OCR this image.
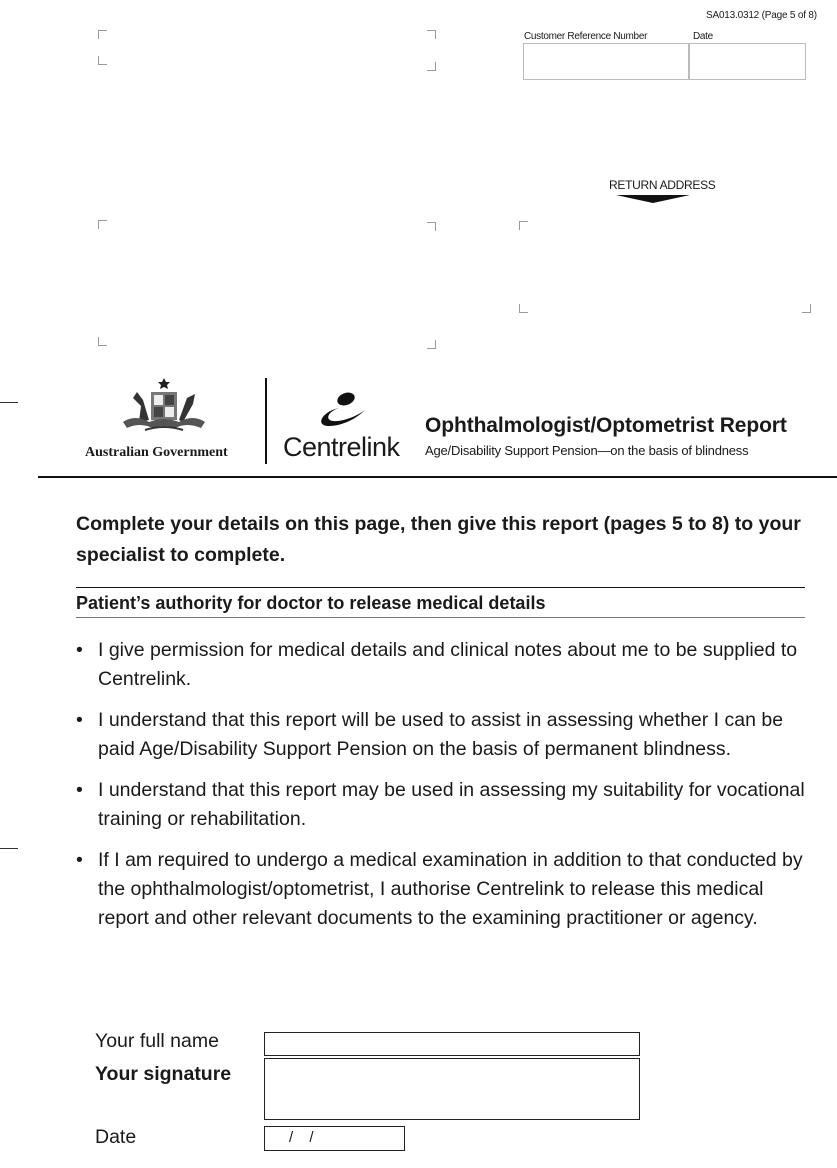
SA013.0312 (Page 5 of 8)
Customer Reference Number	Date
RETURN ADDRESS
Australian Government Centrelink
Ophthalmologist/Optometrist Report
Age/Disability Support Pension—on the basis of blindness
Complete your details on this page, then give this report (pages 5 to 8) to your specialist to complete.
Patient’s authority for doctor to release medical details
• I give permission for medical details and clinical notes about me to be supplied to Centrelink.
• I understand that this report will be used to assist in assessing whether I can be paid Age/Disability Support Pension on the basis of permanent blindness.
• I understand that this report may be used in assessing my suitability for vocational training or rehabilitation.
• If I am required to undergo a medical examination in addition to that conducted by the ophthalmologist/optometrist, I authorise Centrelink to release this medical report and other relevant documents to the examining practitioner or agency.
Your full name
Your signature
Date	/ /
